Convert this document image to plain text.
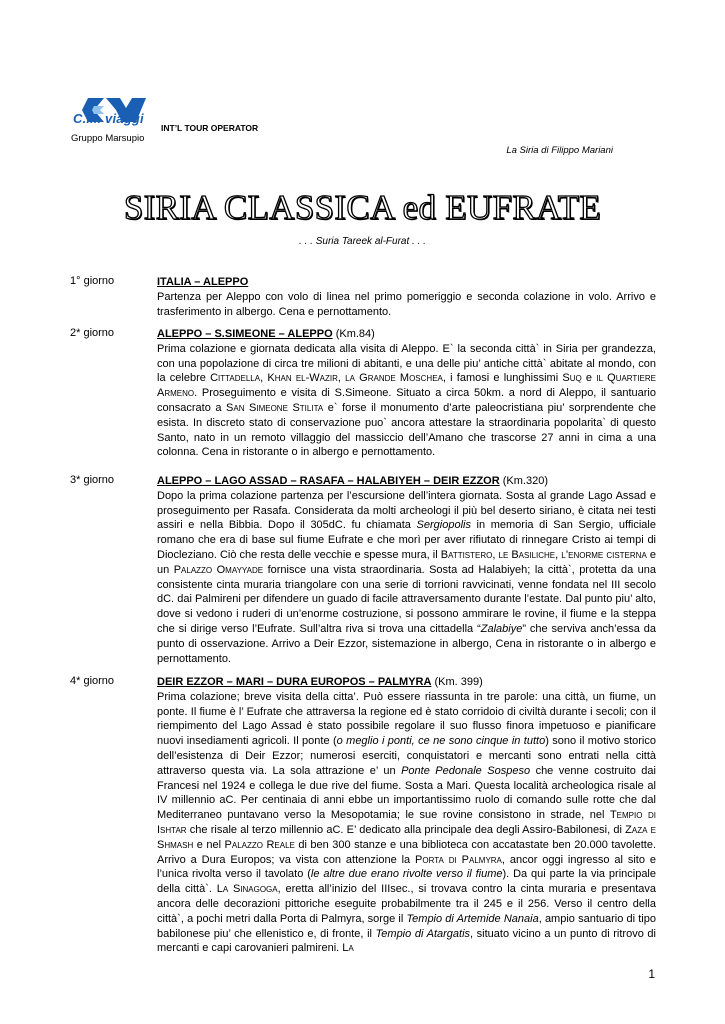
C.M. viaggi
Gruppo Marsupio
INT’L TOUR OPERATOR
La Siria di Filippo Mariani
SIRIA CLASSICA ed EUFRATE
. . . Suria Tareek al-Furat . . .
1° giorno	ITALIA – ALEPPO

Partenza per Aleppo con volo di linea nel primo pomeriggio e seconda colazione in volo. Arrivo e trasferimento in albergo. Cena e pernottamento.

2* giorno	ALEPPO – S.SIMEONE – ALEPPO (Km.84)

Prima colazione e giornata dedicata alla visita di Aleppo. E` la seconda città` in Siria per grandezza, con una popolazione di circa tre milioni di abitanti, e una delle piu’ antiche città` abitate al mondo, con la celebre Cittadella, Khan el-Wazir, la Grande Moschea, i famosi e lunghissimi Suq e il Quartiere Armeno. Proseguimento e visita di S.Simeone. Situato a circa 50km. a nord di Aleppo, il santuario consacrato a San Simeone Stilita e` forse il monumento d’arte paleocristiana piu’ sorprendente che esista. In discreto stato di conservazione puo` ancora attestare la straordinaria popolarita` di questo Santo, nato in un remoto villaggio del massiccio dell’Amano che trascorse 27 anni in cima a una colonna. Cena in ristorante o in albergo e pernottamento.

3* giorno	ALEPPO – LAGO ASSAD – RASAFA – HALABIYEH – DEIR EZZOR (Km.320)

Dopo la prima colazione partenza per l’escursione dell’intera giornata. Sosta al grande Lago Assad e proseguimento per Rasafa. Considerata da molti archeologi il più bel deserto siriano, è citata nei testi assiri e nella Bibbia. Dopo il 305dC. fu chiamata Sergiopolis in memoria di San Sergio, ufficiale romano che era di base sul fiume Eufrate e che morì per aver rifiutato di rinnegare Cristo ai tempi di Diocleziano. Ciò che resta delle vecchie e spesse mura, il Battistero, le Basiliche, l’enorme cisterna e un Palazzo Omayyade fornisce una vista straordinaria. Sosta ad Halabiyeh; la città`, protetta da una consistente cinta muraria triangolare con una serie di torrioni ravvicinati, venne fondata nel III secolo dC. dai Palmireni per difendere un guado di facile attraversamento durante l’estate. Dal punto piu’ alto, dove si vedono i ruderi di un’enorme costruzione, si possono ammirare le rovine, il fiume e la steppa che si dirige verso l’Eufrate. Sull’altra riva si trova una cittadella “Zalabiye” che serviva anch’essa da punto di osservazione. Arrivo a Deir Ezzor, sistemazione in albergo, Cena in ristorante o in albergo e pernottamento.

4* giorno	DEIR EZZOR – MARI – DURA EUROPOS – PALMYRA (Km. 399)

Prima colazione; breve visita della citta’. Può essere riassunta in tre parole: una città, un fiume, un ponte. Il fiume è l’ Eufrate che attraversa la regione ed è stato corridoio di civiltà durante i secoli; con il riempimento del Lago Assad è stato possibile regolare il suo flusso finora impetuoso e pianificare nuovi insediamenti agricoli. Il ponte (o meglio i ponti, ce ne sono cinque in tutto) sono il motivo storico dell’esistenza di Deir Ezzor; numerosi eserciti, conquistatori e mercanti sono entrati nella città attraverso questa via. La sola attrazione e’ un Ponte Pedonale Sospeso che venne costruito dai Francesi nel 1924 e collega le due rive del fiume. Sosta a Mari. Questa località archeologica risale al IV millennio aC. Per centinaia di anni ebbe un importantissimo ruolo di comando sulle rotte che dal Mediterraneo puntavano verso la Mesopotamia; le sue rovine consistono in strade, nel Tempio di Ishtar che risale al terzo millennio aC. E’ dedicato alla principale dea degli Assiro-Babilonesi, di Zaza e Shmash e nel Palazzo Reale di ben 300 stanze e una biblioteca con accatastate ben 20.000 tavolette. Arrivo a Dura Europos; va vista con attenzione la Porta di Palmyra, ancor oggi ingresso al sito e l’unica rivolta verso il tavolato (le altre due erano rivolte verso il fiume). Da qui parte la via principale della città`. La Sinagoga, eretta all’inizio del IIIsec., si trovava contro la cinta muraria e presentava ancora delle decorazioni pittoriche eseguite probabilmente tra il 245 e il 256. Verso il centro della città`, a pochi metri dalla Porta di Palmyra, sorge il Tempio di Artemide Nanaia, ampio santuario di tipo babilonese piu’ che ellenistico e, di fronte, il Tempio di Atargatis, situato vicino a un punto di ritrovo di mercanti e capi carovanieri palmireni. La

1
